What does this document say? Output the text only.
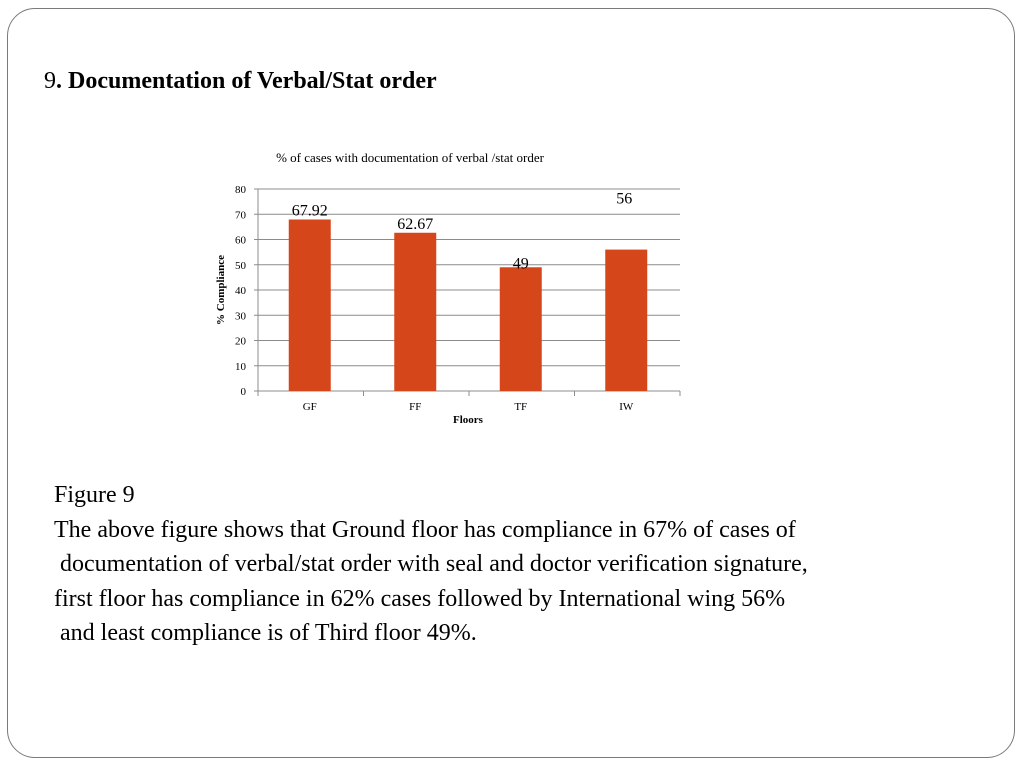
9. Documentation of Verbal/Stat order
% of cases with documentation of verbal /stat order
0
10
20
30
40
50
60
70
80
67.92
62.67
49
56
GF	FF	TF	IW
Floors
% Compliance
Figure 9
The above figure shows that Ground floor has compliance in 67% of cases of
documentation of verbal/stat order with seal and doctor verification signature,
first floor has compliance in 62% cases followed by International wing 56%
and least compliance is of Third floor 49%.
